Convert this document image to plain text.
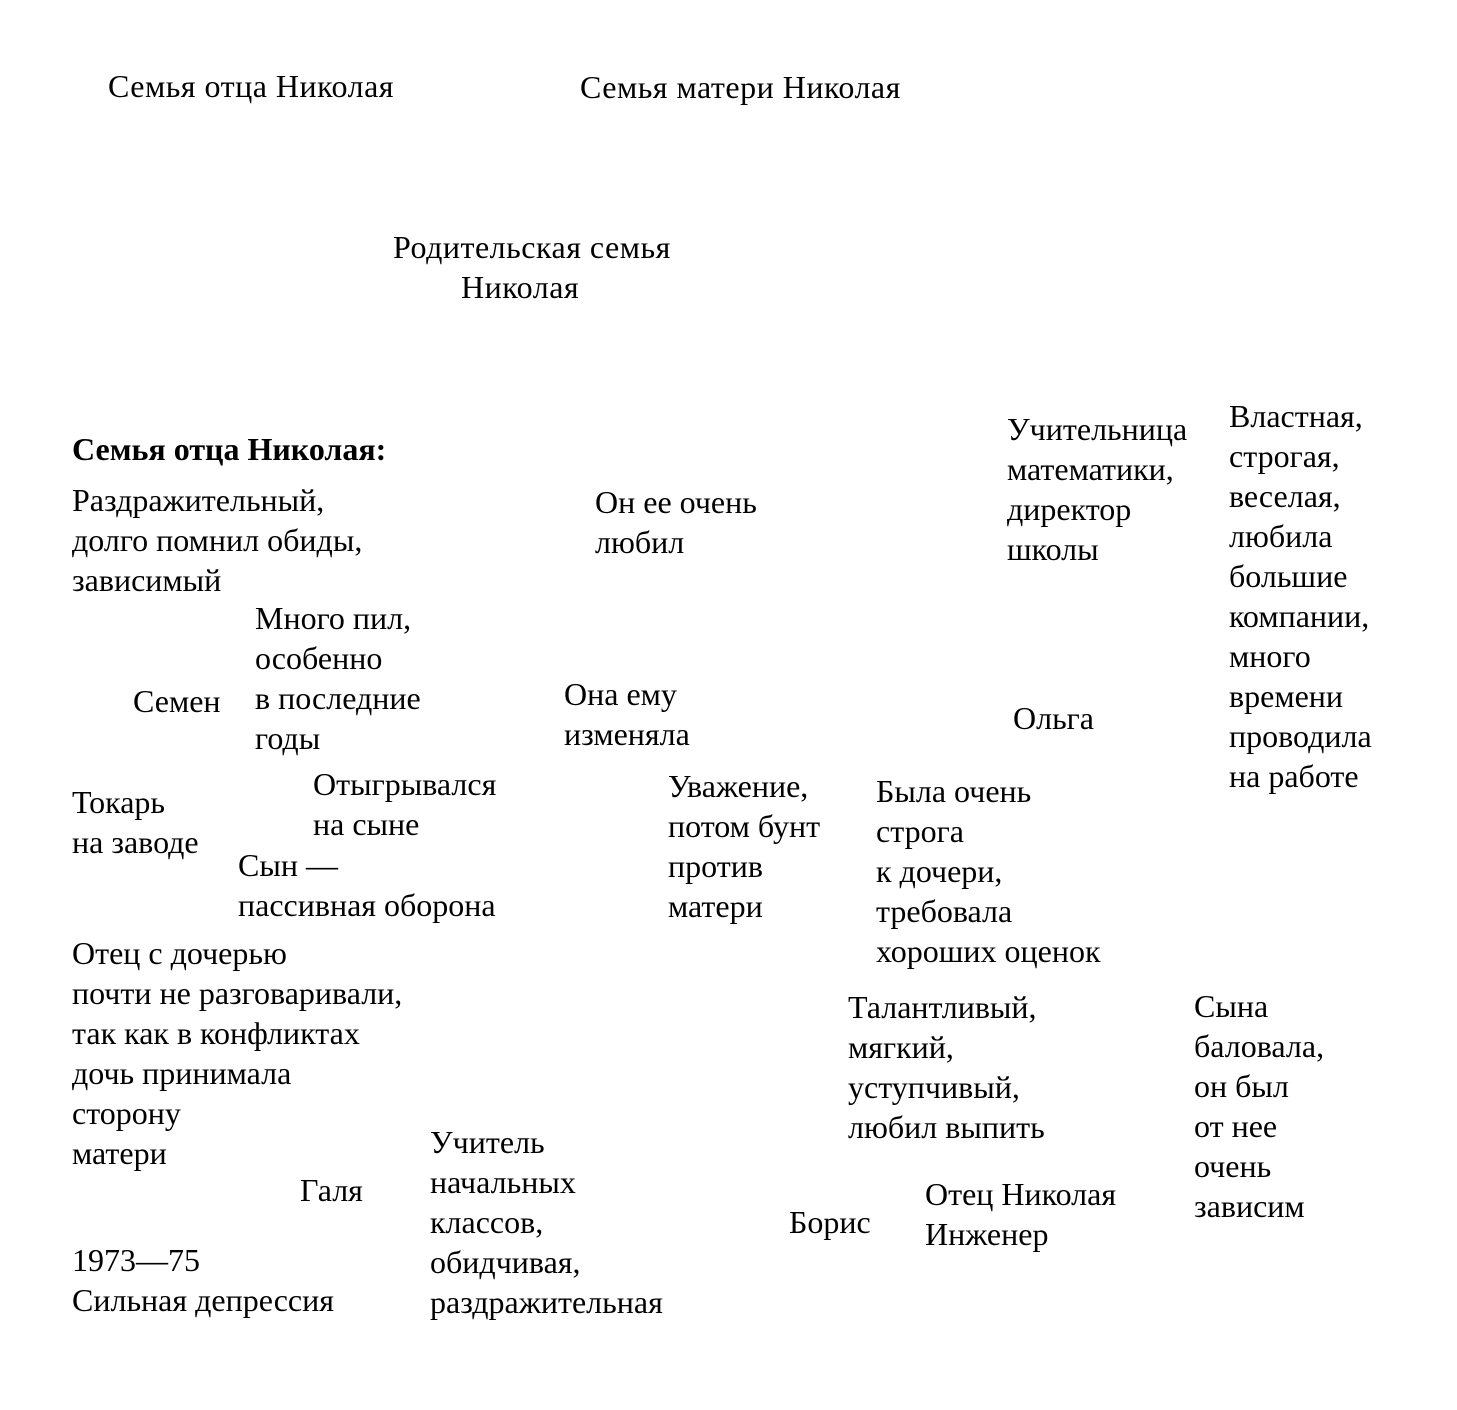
Семья отца Николая	Семья матери Николая
Родительская семья
Николая
Семья отца Николая:
Раздражительный,
долго помнил обиды,
зависимый
Много пил,
особенно
в последние
годы
Семен
Токарь
на заводе
Он ее очень
любил
Она ему
изменяла
Отыгрывался
на сыне
Сын —
пассивная оборона
Уважение,
потом бунт
против
матери
Была очень
строга
к дочери,
требовала
хороших оценок
Отец с дочерью
почти не разговаривали,
так как в конфликтах
дочь принимала
сторону
матери
Сына
баловала,
он был
от нее
очень
зависим
Учительница
математики,
директор
школы
Властная,
строгая,
веселая,
любила
большие
компании,
много
времени
проводила
на работе
Ольга
Галя
Учитель
начальных
классов,
обидчивая,
раздражительная
1973—75
Сильная депрессия
Талантливый,
мягкий,
уступчивый,
любил выпить
Борис
Отец Николая
Инженер
